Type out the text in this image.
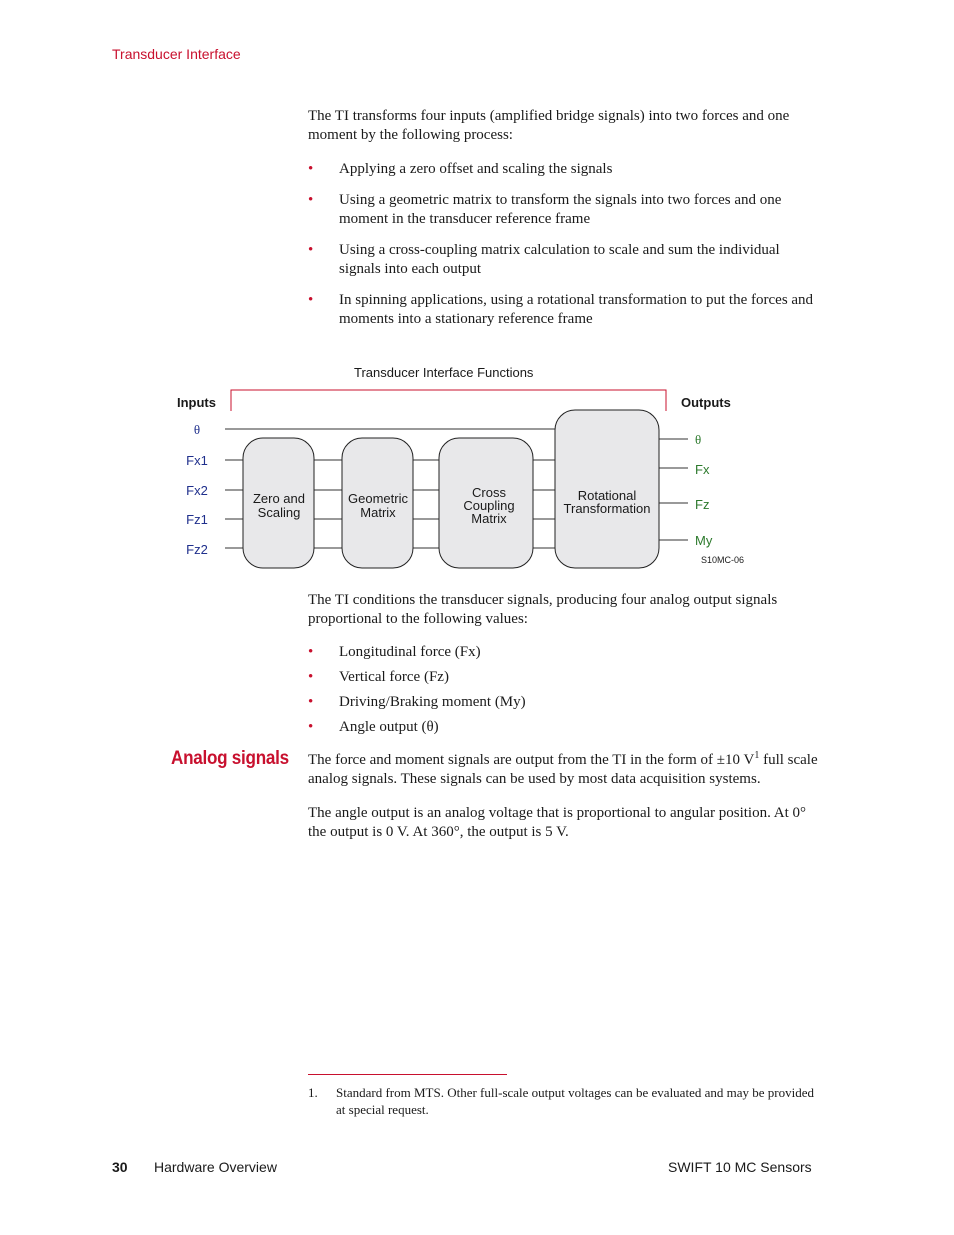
Transducer Interface
The TI transforms four inputs (amplified bridge signals) into two forces and one moment by the following process:
• Applying a zero offset and scaling the signals
• Using a geometric matrix to transform the signals into two forces and one moment in the transducer reference frame
• Using a cross-coupling matrix calculation to scale and sum the individual signals into each output
• In spinning applications, using a rotational transformation to put the forces and moments into a stationary reference frame
Transducer Interface Functions
Inputs	Outputs
Zero and
Scaling
Geometric
Matrix
Cross
Coupling
Matrix
Rotational
Transformation
θ
Fx1
Fx2
Fz1
Fz2
θ
Fx
Fz
My
S10MC-06
The TI conditions the transducer signals, producing four analog output signals proportional to the following values:
• Longitudinal force (Fx)
• Vertical force (Fz)
• Driving/Braking moment (My)
• Angle output (θ)
Analog signals The force and moment signals are output from the TI in the form of ±10 $V^1$ full scale analog signals. These signals can be used by most data acquisition systems.
The angle output is an analog voltage that is proportional to angular position. At 0° the output is 0 V. At 360°, the output is 5 V.
1. Standard from MTS. Other full-scale output voltages can be evaluated and may be provided at special request.
30 Hardware Overview	SWIFT 10 MC Sensors
